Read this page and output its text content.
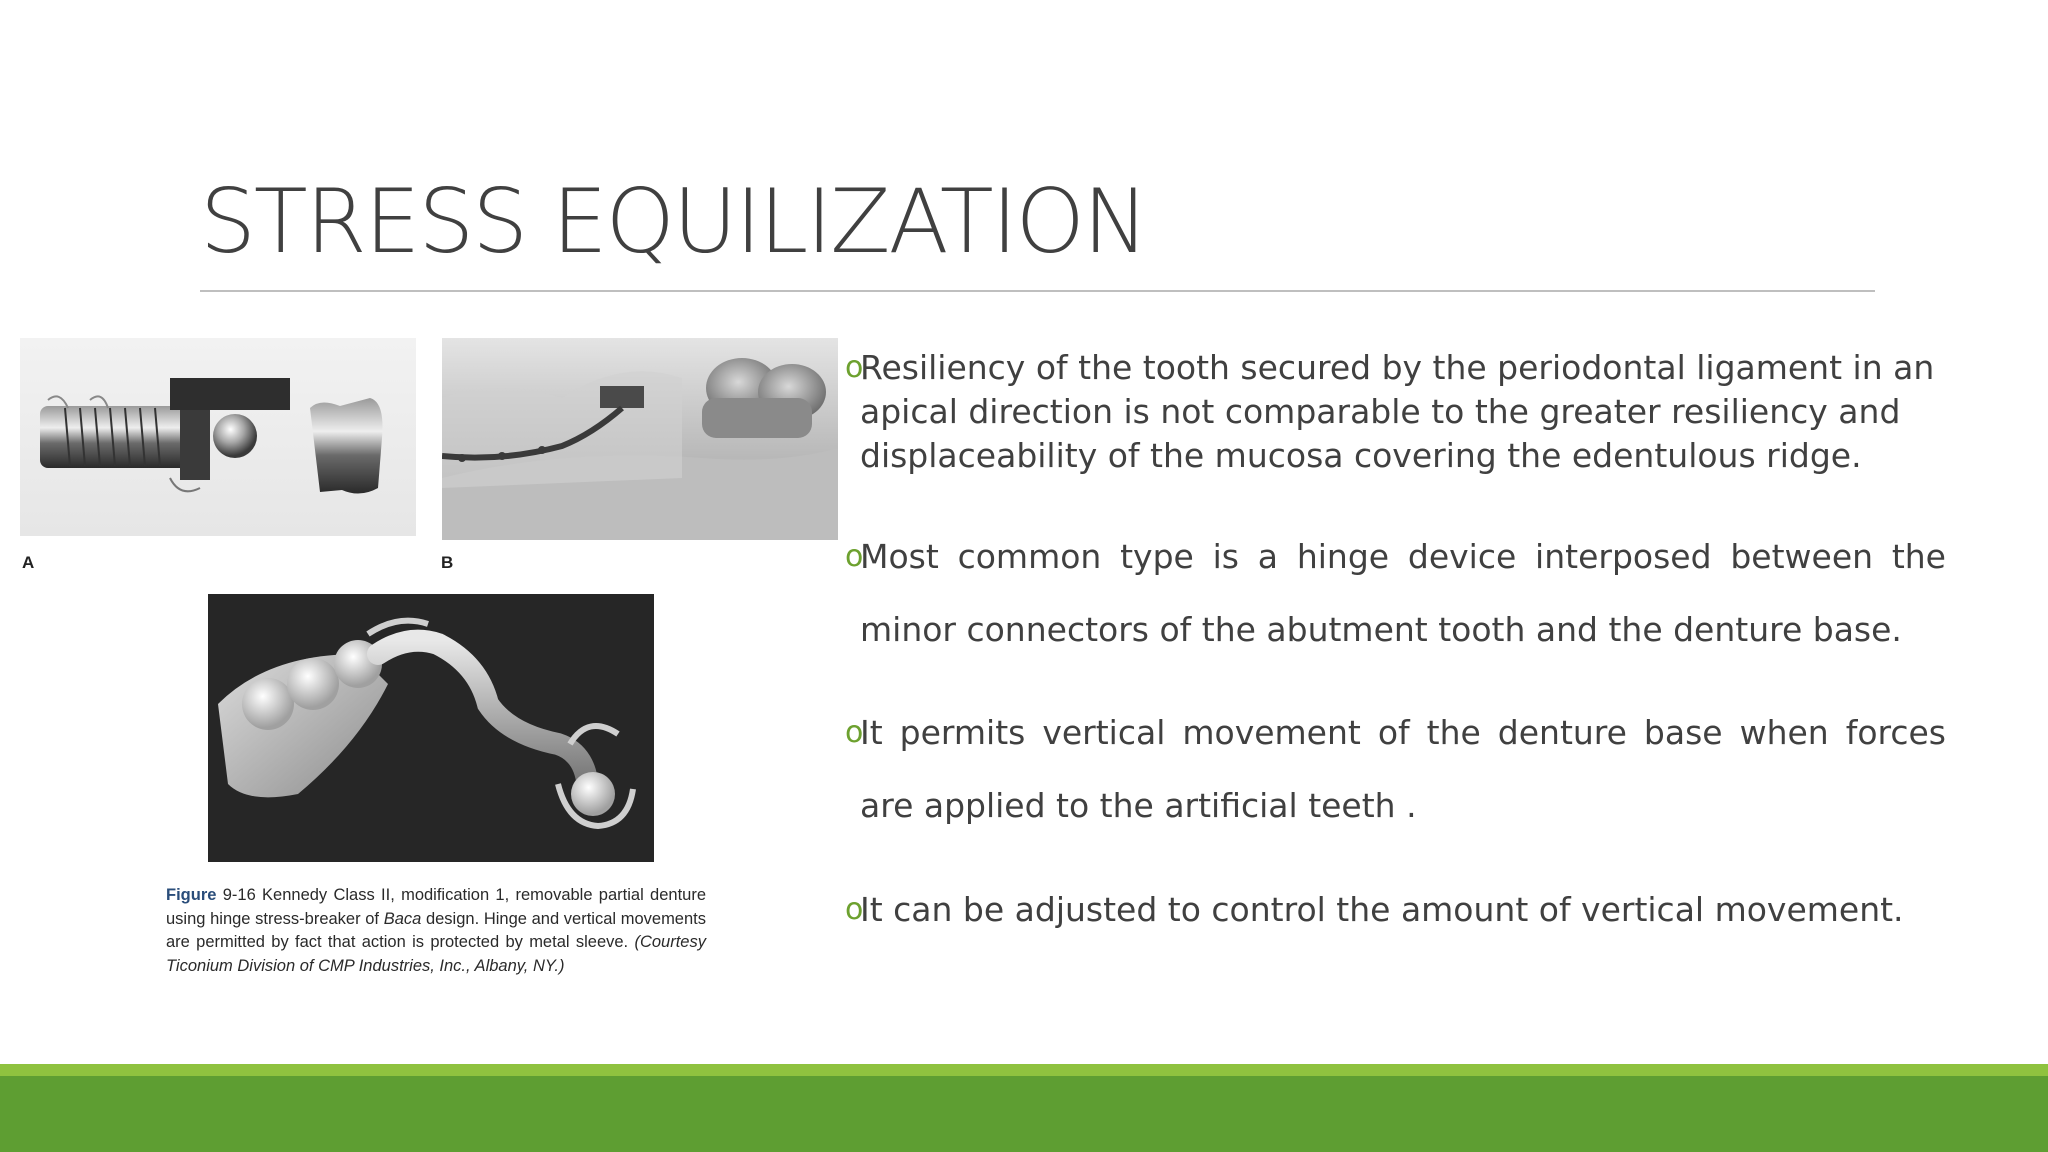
STRESS EQUILIZATION
A	B
Figure 9-16 Kennedy Class II, modification 1, removable partial denture using hinge stress-breaker of Baca design. Hinge and vertical movements are permitted by fact that action is protected by metal sleeve. (Courtesy Ticonium Division of CMP Industries, Inc., Albany, NY.)
o
Resiliency of the tooth secured by the periodontal ligament in an apical direction is not comparable to the greater resiliency and displaceability of the mucosa covering the edentulous ridge.
o
Most common type is a hinge device interposed between the minor connectors of the abutment tooth and the denture base.
o
It permits vertical movement of the denture base when forces are applied to the artificial teeth .
o
It can be adjusted to control the amount of vertical movement.
